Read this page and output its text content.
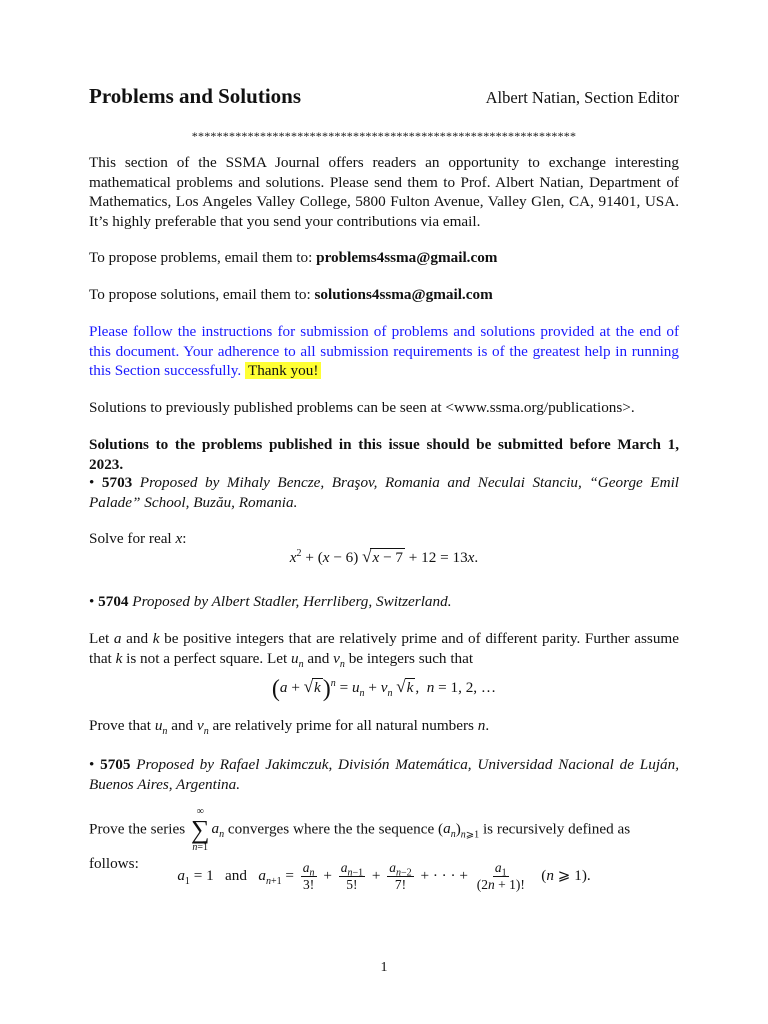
Problems and Solutions	Albert Natian, Section Editor
**************************************************************
This section of the SSMA Journal offers readers an opportunity to exchange interesting mathematical problems and solutions. Please send them to Prof. Albert Natian, Department of Mathematics, Los Angeles Valley College, 5800 Fulton Avenue, Valley Glen, CA, 91401, USA. It’s highly preferable that you send your contributions via email.
To propose problems, email them to: problems4ssma@gmail.com
To propose solutions, email them to: solutions4ssma@gmail.com
Please follow the instructions for submission of problems and solutions provided at the end of this document. Your adherence to all submission requirements is of the greatest help in running this Section successfully. Thank you!
Solutions to previously published problems can be seen at <www.ssma.org/publications>.
Solutions to the problems published in this issue should be submitted before March 1, 2023.
• 5703 Proposed by Mihaly Bencze, Braşov, Romania and Neculai Stanciu, “George Emil Palade” School, Buzău, Romania.
Solve for real x:
$x^2 + (x - 6) √x - 7 + 12 = 13x$.
• 5704 Proposed by Albert Stadler, Herrliberg, Switzerland.
Let a and k be positive integers that are relatively prime and of different parity. Further assume that k is not a perfect square. Let $u_n$ and $v_n$ be integers such that
$(a + √k)^n = u_n + v_n$ √k ,  n = 1, 2, …
Prove that $u_n$ and $v_n$ are relatively prime for all natural numbers n.
• 5705 Proposed by Rafael Jakimczuk, División Matemática, Universidad Nacional de Luján, Buenos Aires, Argentina.
Prove the series
∞
∑
n=1
$a_n$ converges where the the sequence $(a_n)_{n⩾1}$ is recursively defined as follows:
$a_1 = 1$   and   $a_{n+1} = \frac{a_n}{3!} + \frac{a_{n-1}}{5!} + \frac{a_{n-2}}{7!}$ + · · · + $\frac{a_1}{(2n + 1)!} (n$ ⩾ 1).
1
